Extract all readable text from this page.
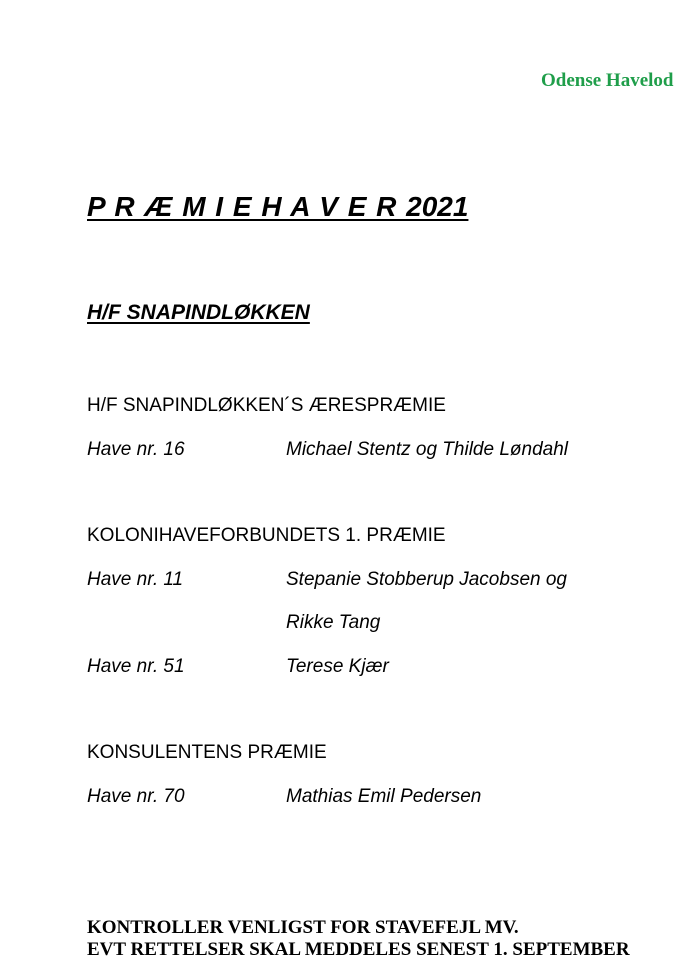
Odense Havelod
P R Æ M I E H A V E R 2021
H/F SNAPINDLØKKEN
H/F SNAPINDLØKKEN´S ÆRESPRÆMIE
Have nr. 16	Michael Stentz og Thilde Løndahl
KOLONIHAVEFORBUNDETS 1. PRÆMIE
Have nr. 11	Stepanie Stobberup Jacobsen og
Rikke Tang
Have nr. 51	Terese Kjær
KONSULENTENS PRÆMIE
Have nr. 70	Mathias Emil Pedersen
KONTROLLER VENLIGST FOR STAVEFEJL MV.
EVT RETTELSER SKAL MEDDELES SENEST 1. SEPTEMBER
